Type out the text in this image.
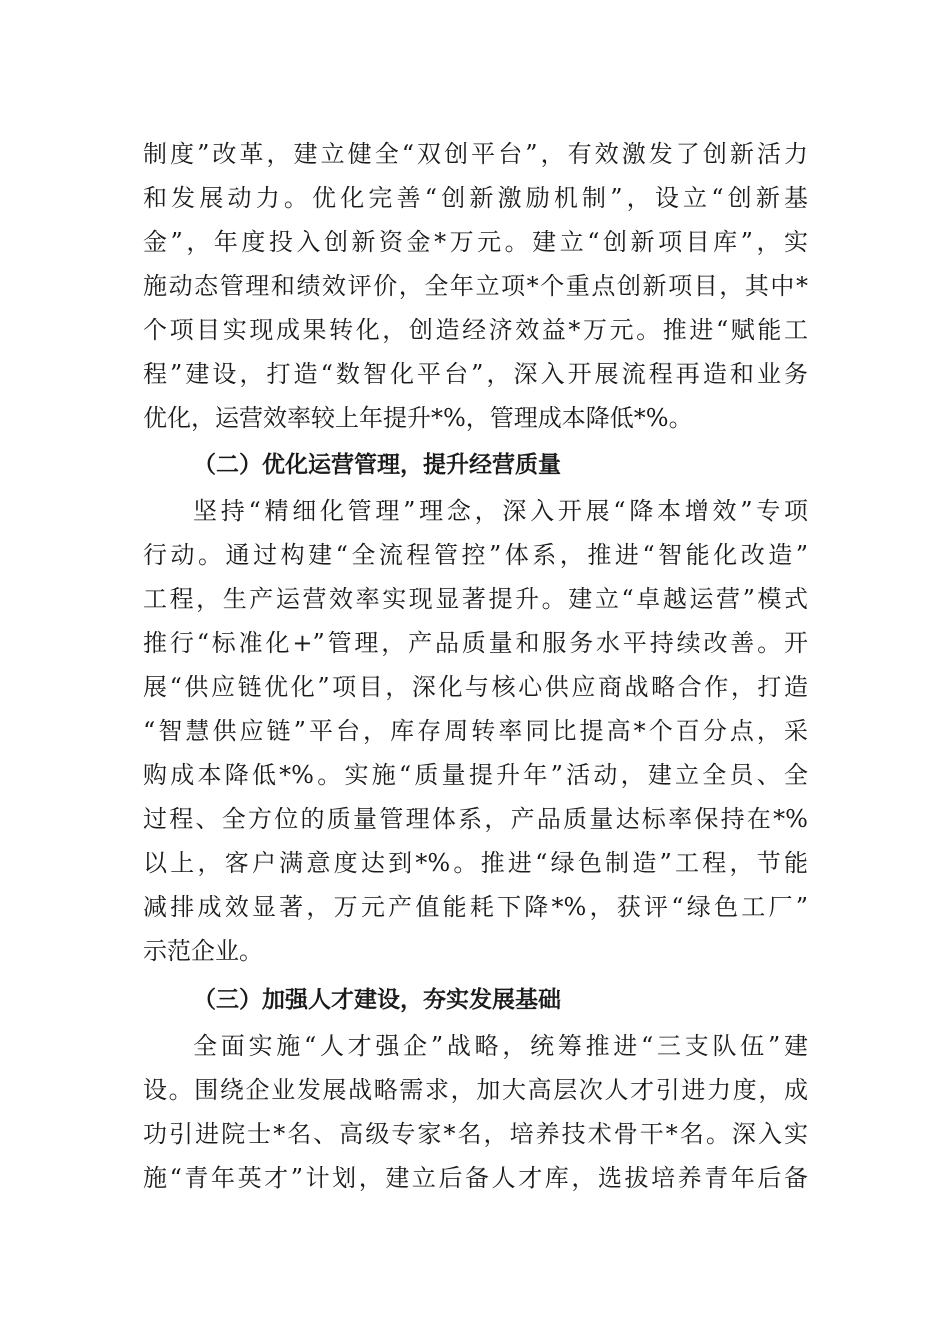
制度”改革，建立健全“双创平台”，有效激发了创新活力
和发展动力。优化完善“创新激励机制”，设立“创新基
金”，年度投入创新资金*万元。建立“创新项目库”，实
施动态管理和绩效评价，全年立项*个重点创新项目，其中*
个项目实现成果转化，创造经济效益*万元。推进“赋能工
程”建设，打造“数智化平台”，深入开展流程再造和业务
优化，运营效率较上年提升*%，管理成本降低*%。
（二）优化运营管理，提升经营质量
坚持“精细化管理”理念，深入开展“降本增效”专项
行动。通过构建“全流程管控”体系，推进“智能化改造”
工程，生产运营效率实现显著提升。建立“卓越运营”模式
推行“标准化+”管理，产品质量和服务水平持续改善。开
展“供应链优化”项目，深化与核心供应商战略合作，打造
“智慧供应链”平台，库存周转率同比提高*个百分点，采
购成本降低*%。实施“质量提升年”活动，建立全员、全
过程、全方位的质量管理体系，产品质量达标率保持在*%
以上，客户满意度达到*%。推进“绿色制造”工程，节能
减排成效显著，万元产值能耗下降*%，获评“绿色工厂”
示范企业。
（三）加强人才建设，夯实发展基础
全面实施“人才强企”战略，统筹推进“三支队伍”建
设。围绕企业发展战略需求，加大高层次人才引进力度，成
功引进院士*名、高级专家*名，培养技术骨干*名。深入实
施“青年英才”计划，建立后备人才库，选拔培养青年后备
